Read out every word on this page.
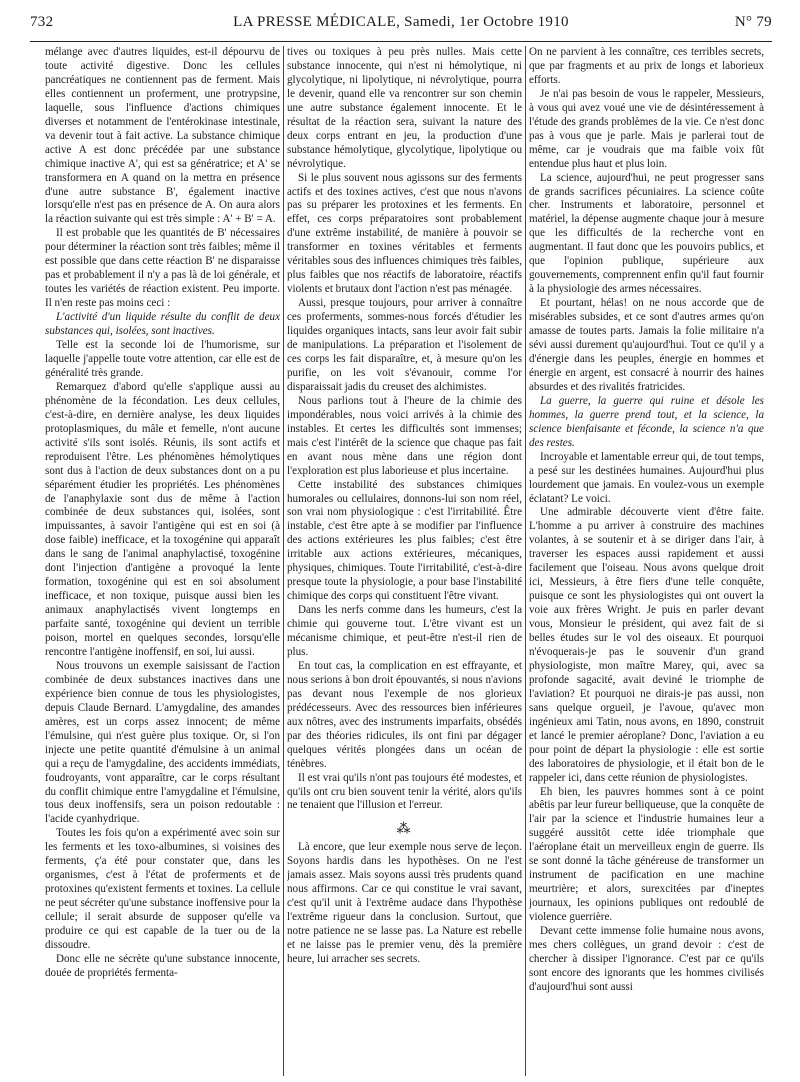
732	LA PRESSE MÉDICALE, Samedi, 1er Octobre 1910	N° 79

mélange avec d'autres liquides, est-il dépourvu de toute activité digestive. Donc les cellules pancréatiques ne contiennent pas de ferment. Mais elles contiennent un proferment, une protrypsine, laquelle, sous l'influence d'actions chimiques diverses et notamment de l'entérokinase intestinale, va devenir tout à fait active. La substance chimique active A est donc précédée par une substance chimique inactive A', qui est sa génératrice; et A' se transformera en A quand on la mettra en présence d'une autre substance B', également inactive lorsqu'elle n'est pas en présence de A. On aura alors la réaction suivante qui est très simple : A' + B' = A.

Il est probable que les quantités de B' nécessaires pour déterminer la réaction sont très faibles; même il est possible que dans cette réaction B' ne disparaisse pas et probablement il n'y a pas là de loi générale, et toutes les variétés de réaction existent. Peu importe. Il n'en reste pas moins ceci :

L'activité d'un liquide résulte du conflit de deux substances qui, isolées, sont inactives.

Telle est la seconde loi de l'humorisme, sur laquelle j'appelle toute votre attention, car elle est de généralité très grande.

Remarquez d'abord qu'elle s'applique aussi au phénomène de la fécondation. Les deux cellules, c'est-à-dire, en dernière analyse, les deux liquides protoplasmiques, du mâle et femelle, n'ont aucune activité s'ils sont isolés. Réunis, ils sont actifs et reproduisent l'être. Les phénomènes hémolytiques sont dus à l'action de deux substances dont on a pu séparément étudier les propriétés. Les phénomènes de l'anaphylaxie sont dus de même à l'action combinée de deux substances qui, isolées, sont impuissantes, à savoir l'antigène qui est en soi (à dose faible) inefficace, et la toxogénine qui apparaît dans le sang de l'animal anaphylactisé, toxogénine dont l'injection d'antigène a provoqué la lente formation, toxogénine qui est en soi absolument inefficace, et non toxique, puisque aussi bien les animaux anaphylactisés vivent longtemps en parfaite santé, toxogénine qui devient un terrible poison, mortel en quelques secondes, lorsqu'elle rencontre l'antigène inoffensif, en soi, lui aussi.

Nous trouvons un exemple saisissant de l'action combinée de deux substances inactives dans une expérience bien connue de tous les physiologistes, depuis Claude Bernard. L'amygdaline, des amandes amères, est un corps assez innocent; de même l'émulsine, qui n'est guère plus toxique. Or, si l'on injecte une petite quantité d'émulsine à un animal qui a reçu de l'amygdaline, des accidents immédiats, foudroyants, vont apparaître, car le corps résultant du conflit chimique entre l'amygdaline et l'émulsine, tous deux inoffensifs, sera un poison redoutable : l'acide cyanhydrique.

Toutes les fois qu'on a expérimenté avec soin sur les ferments et les toxo-albumines, si voisines des ferments, ç'a été pour constater que, dans les organismes, c'est à l'état de proferments et de protoxines qu'existent ferments et toxines. La cellule ne peut sécréter qu'une substance inoffensive pour la cellule; il serait absurde de supposer qu'elle va produire ce qui est capable de la tuer ou de la dissoudre.

Donc elle ne sécrète qu'une substance innocente, douée de propriétés fermenta-

tives ou toxiques à peu près nulles. Mais cette substance innocente, qui n'est ni hémolytique, ni glycolytique, ni lipolytique, ni névrolytique, pourra le devenir, quand elle va rencontrer sur son chemin une autre substance également innocente. Et le résultat de la réaction sera, suivant la nature des deux corps entrant en jeu, la production d'une substance hémolytique, glycolytique, lipolytique ou névrolytique.

Si le plus souvent nous agissons sur des ferments actifs et des toxines actives, c'est que nous n'avons pas su préparer les protoxines et les ferments. En effet, ces corps préparatoires sont probablement d'une extrême instabilité, de manière à pouvoir se transformer en toxines véritables et ferments véritables sous des influences chimiques très faibles, plus faibles que nos réactifs de laboratoire, réactifs violents et brutaux dont l'action n'est pas ménagée.

Aussi, presque toujours, pour arriver à connaître ces proferments, sommes-nous forcés d'étudier les liquides organiques intacts, sans leur avoir fait subir de manipulations. La préparation et l'isolement de ces corps les fait disparaître, et, à mesure qu'on les purifie, on les voit s'évanouir, comme l'or disparaissait jadis du creuset des alchimistes.

Nous parlions tout à l'heure de la chimie des impondérables, nous voici arrivés à la chimie des instables. Et certes les difficultés sont immenses; mais c'est l'intérêt de la science que chaque pas fait en avant nous mène dans une région dont l'exploration est plus laborieuse et plus incertaine.

Cette instabilité des substances chimiques humorales ou cellulaires, donnons-lui son nom réel, son vrai nom physiologique : c'est l'irritabilité. Être instable, c'est être apte à se modifier par l'influence des actions extérieures les plus faibles; c'est être irritable aux actions extérieures, mécaniques, physiques, chimiques. Toute l'irritabilité, c'est-à-dire presque toute la physiologie, a pour base l'instabilité chimique des corps qui constituent l'être vivant.

Dans les nerfs comme dans les humeurs, c'est la chimie qui gouverne tout. L'être vivant est un mécanisme chimique, et peut-être n'est-il rien de plus.

En tout cas, la complication en est effrayante, et nous serions à bon droit épouvantés, si nous n'avions pas devant nous l'exemple de nos glorieux prédécesseurs. Avec des ressources bien inférieures aux nôtres, avec des instruments imparfaits, obsédés par des théories ridicules, ils ont fini par dégager quelques vérités plongées dans un océan de ténèbres.

Il est vrai qu'ils n'ont pas toujours été modestes, et qu'ils ont cru bien souvent tenir la vérité, alors qu'ils ne tenaient que l'illusion et l'erreur.

⁂

Là encore, que leur exemple nous serve de leçon. Soyons hardis dans les hypothèses. On ne l'est jamais assez. Mais soyons aussi très prudents quand nous affirmons. Car ce qui constitue le vrai savant, c'est qu'il unit à l'extrême audace dans l'hypothèse l'extrême rigueur dans la conclusion. Surtout, que notre patience ne se lasse pas. La Nature est rebelle et ne laisse pas le premier venu, dès la première heure, lui arracher ses secrets.

On ne parvient à les connaître, ces terribles secrets, que par fragments et au prix de longs et laborieux efforts.

Je n'ai pas besoin de vous le rappeler, Messieurs, à vous qui avez voué une vie de désintéressement à l'étude des grands problèmes de la vie. Ce n'est donc pas à vous que je parle. Mais je parlerai tout de même, car je voudrais que ma faible voix fût entendue plus haut et plus loin.

La science, aujourd'hui, ne peut progresser sans de grands sacrifices pécuniaires. La science coûte cher. Instruments et laboratoire, personnel et matériel, la dépense augmente chaque jour à mesure que les difficultés de la recherche vont en augmentant. Il faut donc que les pouvoirs publics, et que l'opinion publique, supérieure aux gouvernements, comprennent enfin qu'il faut fournir à la physiologie des armes nécessaires.

Et pourtant, hélas! on ne nous accorde que de misérables subsides, et ce sont d'autres armes qu'on amasse de toutes parts. Jamais la folie militaire n'a sévi aussi durement qu'aujourd'hui. Tout ce qu'il y a d'énergie dans les peuples, énergie en hommes et énergie en argent, est consacré à nourrir des haines absurdes et des rivalités fratricides.

La guerre, la guerre qui ruine et désole les hommes, la guerre prend tout, et la science, la science bienfaisante et féconde, la science n'a que des restes.

Incroyable et lamentable erreur qui, de tout temps, a pesé sur les destinées humaines. Aujourd'hui plus lourdement que jamais. En voulez-vous un exemple éclatant? Le voici.

Une admirable découverte vient d'être faite. L'homme a pu arriver à construire des machines volantes, à se soutenir et à se diriger dans l'air, à traverser les espaces aussi rapidement et aussi facilement que l'oiseau. Nous avons quelque droit ici, Messieurs, à être fiers d'une telle conquête, puisque ce sont les physiologistes qui ont ouvert la voie aux frères Wright. Je puis en parler devant vous, Monsieur le président, qui avez fait de si belles études sur le vol des oiseaux. Et pourquoi n'évoquerais-je pas le souvenir d'un grand physiologiste, mon maître Marey, qui, avec sa profonde sagacité, avait deviné le triomphe de l'aviation? Et pourquoi ne dirais-je pas aussi, non sans quelque orgueil, je l'avoue, qu'avec mon ingénieux ami Tatin, nous avons, en 1890, construit et lancé le premier aéroplane? Donc, l'aviation a eu pour point de départ la physiologie : elle est sortie des laboratoires de physiologie, et il était bon de le rappeler ici, dans cette réunion de physiologistes.

Eh bien, les pauvres hommes sont à ce point abêtis par leur fureur belliqueuse, que la conquête de l'air par la science et l'industrie humaines leur a suggéré aussitôt cette idée triomphale que l'aéroplane était un merveilleux engin de guerre. Ils se sont donné la tâche généreuse de transformer un instrument de pacification en une machine meurtrière; et alors, surexcitées par d'ineptes journaux, les opinions publiques ont redoublé de violence guerrière.

Devant cette immense folie humaine nous avons, mes chers collègues, un grand devoir : c'est de chercher à dissiper l'ignorance. C'est par ce qu'ils sont encore des ignorants que les hommes civilisés d'aujourd'hui sont aussi
